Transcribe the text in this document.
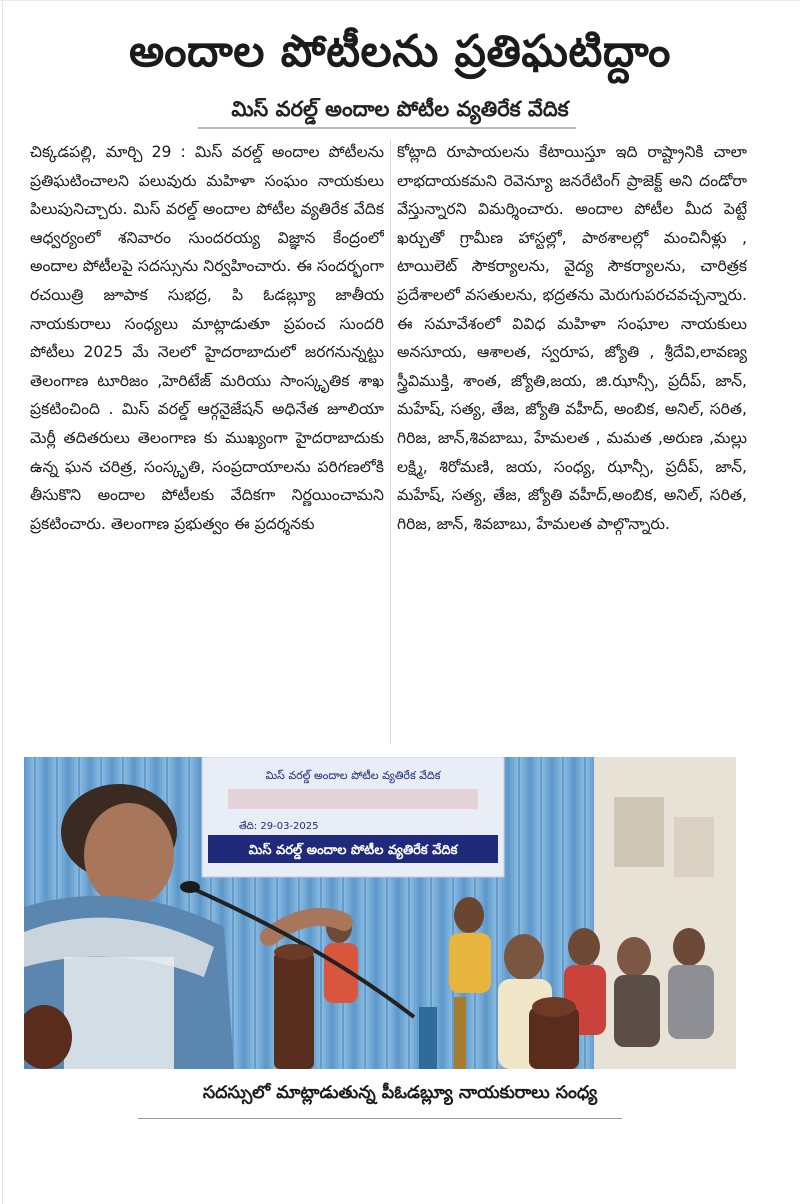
అందాల పోటీలను ప్రతిఘటిద్దాం
మిస్ వరల్డ్ అందాల పోటీల వ్యతిరేక వేదిక

చిక్కడపల్లి, మార్చి 29 : మిస్ వరల్డ్ అందాల పోటీలను ప్రతిఘటించాలని పలువురు మహిళా సంఘం నాయకులు పిలుపునిచ్చారు. మిస్ వరల్డ్ అందాల పోటీల వ్యతిరేక వేదిక ఆధ్వర్యంలో శనివారం సుందరయ్య విజ్ఞాన కేంద్రంలో అందాల పోటీలపై సదస్సును నిర్వహించారు. ఈ సందర్భంగా రచయిత్రి జూపాక సుభద్ర, పి ఓడబ్ల్యూ జాతీయ నాయకురాలు సంధ్యలు మాట్లాడుతూ ప్రపంచ సుందరి పోటీలు 2025 మే నెలలో హైదరాబాదులో జరగనున్నట్టు తెలంగాణ టూరిజం ,హెరిటేజ్ మరియు సాంస్కృతిక శాఖ ప్రకటించింది . మిస్ వరల్డ్ ఆర్గనైజేషన్ అధినేత జూలియా మెర్లీ తదితరులు తెలంగాణ కు ముఖ్యంగా హైదరాబాదుకు ఉన్న ఘన చరిత్ర, సంస్కృతి, సంప్రదాయాలను పరిగణలోకి తీసుకొని అందాల పోటీలకు వేదికగా నిర్ణయించామని ప్రకటించారు. తెలంగాణ ప్రభుత్వం ఈ ప్రదర్శనకు

కోట్లాది రూపాయలను కేటాయిస్తూ ఇది రాష్ట్రానికి చాలా లాభదాయకమని రెవెన్యూ జనరేటింగ్ ప్రాజెక్ట్ అని దండోరా వేస్తున్నారని విమర్శించారు. అందాల పోటీల మీద పెట్టే ఖర్చుతో గ్రామీణ హాస్టల్లో, పాఠశాలల్లో మంచినీళ్లు , టాయిలెట్ సౌకర్యాలను, వైద్య సౌకర్యాలను, చారిత్రక ప్రదేశాలలో వసతులను, భద్రతను మెరుగుపరచవచ్చన్నారు. ఈ సమావేశంలో వివిధ మహిళా సంఘాల నాయకులు అనసూయ, ఆశాలత, స్వరూప, జ్యోతి , శ్రీదేవి,లావణ్య స్త్రీవిముక్తి, శాంత, జ్యోతి,జయ, జి.ఝాన్సీ, ప్రదీప్, జాన్, మహేష్, సత్య, తేజ, జ్యోతి వహీద్, అంబిక, అనిల్, సరిత, గిరిజ, జాన్,శివబాబు, హేమలత , మమత ,అరుణ ,మల్లు లక్ష్మి, శిరోమణి, జయ, సంధ్య, ఝాన్సీ, ప్రదీప్, జాన్, మహేష్, సత్య, తేజ, జ్యోతి వహీద్,అంబిక, అనిల్, సరిత, గిరిజ, జాన్, శివబాబు, హేమలత పాల్గొన్నారు.

మిస్ వరల్డ్ అందాల పోటీల వ్యతిరేక వేదిక
తేది: 29-03-2025
మిస్ వరల్డ్ అందాల పోటీల వ్యతిరేక వేదిక
సదస్సులో మాట్లాడుతున్న పీఓడబ్ల్యూ నాయకురాలు సంధ్య
